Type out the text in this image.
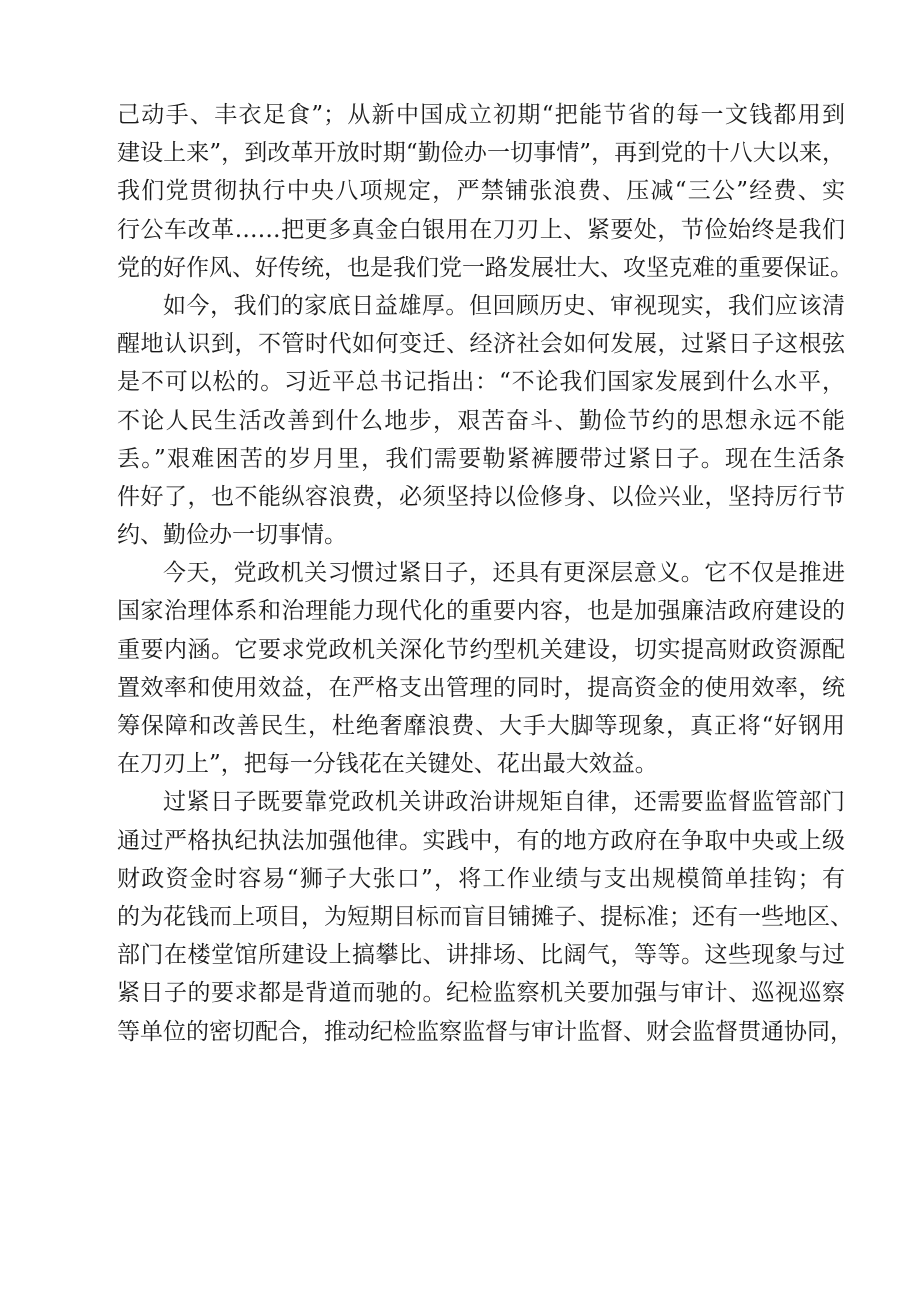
己动手、丰衣足食”；从新中国成立初期“把能节省的每一文钱都用到
建设上来”，到改革开放时期“勤俭办一切事情”，再到党的十八大以来，
我们党贯彻执行中央八项规定，严禁铺张浪费、压减“三公”经费、实
行公车改革……把更多真金白银用在刀刃上、紧要处，节俭始终是我们
党的好作风、好传统，也是我们党一路发展壮大、攻坚克难的重要保证。
如今，我们的家底日益雄厚。但回顾历史、审视现实，我们应该清
醒地认识到，不管时代如何变迁、经济社会如何发展，过紧日子这根弦
是不可以松的。习近平总书记指出：“不论我们国家发展到什么水平，
不论人民生活改善到什么地步，艰苦奋斗、勤俭节约的思想永远不能
丢。”艰难困苦的岁月里，我们需要勒紧裤腰带过紧日子。现在生活条
件好了，也不能纵容浪费，必须坚持以俭修身、以俭兴业，坚持厉行节
约、勤俭办一切事情。
今天，党政机关习惯过紧日子，还具有更深层意义。它不仅是推进
国家治理体系和治理能力现代化的重要内容，也是加强廉洁政府建设的
重要内涵。它要求党政机关深化节约型机关建设，切实提高财政资源配
置效率和使用效益，在严格支出管理的同时，提高资金的使用效率，统
筹保障和改善民生，杜绝奢靡浪费、大手大脚等现象，真正将“好钢用
在刀刃上”，把每一分钱花在关键处、花出最大效益。
过紧日子既要靠党政机关讲政治讲规矩自律，还需要监督监管部门
通过严格执纪执法加强他律。实践中，有的地方政府在争取中央或上级
财政资金时容易“狮子大张口”，将工作业绩与支出规模简单挂钩；有
的为花钱而上项目，为短期目标而盲目铺摊子、提标准；还有一些地区、
部门在楼堂馆所建设上搞攀比、讲排场、比阔气，等等。这些现象与过
紧日子的要求都是背道而驰的。纪检监察机关要加强与审计、巡视巡察
等单位的密切配合，推动纪检监察监督与审计监督、财会监督贯通协同，
